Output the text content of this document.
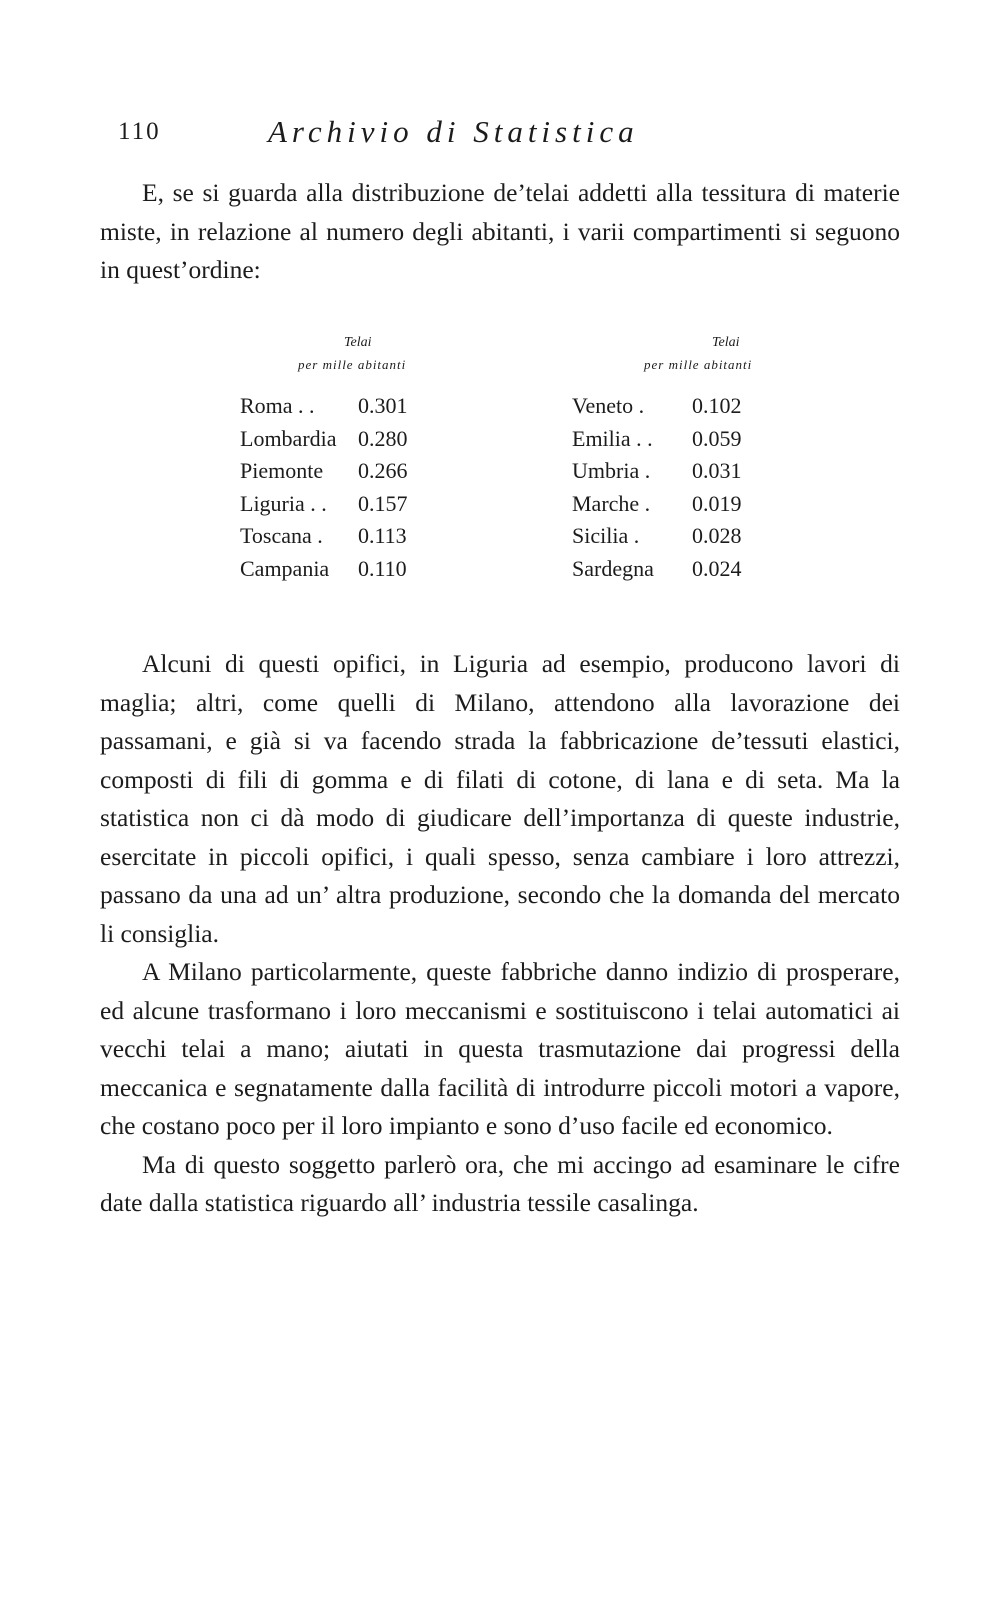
110	Archivio di Statistica

E, se si guarda alla distribuzione de’telai addetti alla tessitura di materie miste, in relazione al numero degli abitanti, i varii compartimenti si seguono in quest’ordine:

Telai
per mille abitanti
Roma . . 0.301
Lombardia 0.280
Piemonte 0.266
Liguria . . 0.157
Toscana . 0.113
Campania 0.110
Telai
per mille abitanti
Veneto . 0.102
Emilia . . 0.059
Umbria . 0.031
Marche . 0.019
Sicilia . 0.028
Sardegna 0.024

Alcuni di questi opifici, in Liguria ad esempio, producono lavori di maglia; altri, come quelli di Milano, attendono alla lavorazione dei passamani, e già si va facendo strada la fabbricazione de’tessuti elastici, composti di fili di gomma e di filati di cotone, di lana e di seta. Ma la statistica non ci dà modo di giudicare dell’importanza di queste industrie, esercitate in piccoli opifici, i quali spesso, senza cambiare i loro attrezzi, passano da una ad un’ altra produzione, secondo che la domanda del mercato li consiglia.

A Milano particolarmente, queste fabbriche danno indizio di prosperare, ed alcune trasformano i loro meccanismi e sostituiscono i telai automatici ai vecchi telai a mano; aiutati in questa trasmutazione dai progressi della meccanica e segnatamente dalla facilità di introdurre piccoli motori a vapore, che costano poco per il loro impianto e sono d’uso facile ed economico.

Ma di questo soggetto parlerò ora, che mi accingo ad esaminare le cifre date dalla statistica riguardo all’ industria tessile casalinga.
